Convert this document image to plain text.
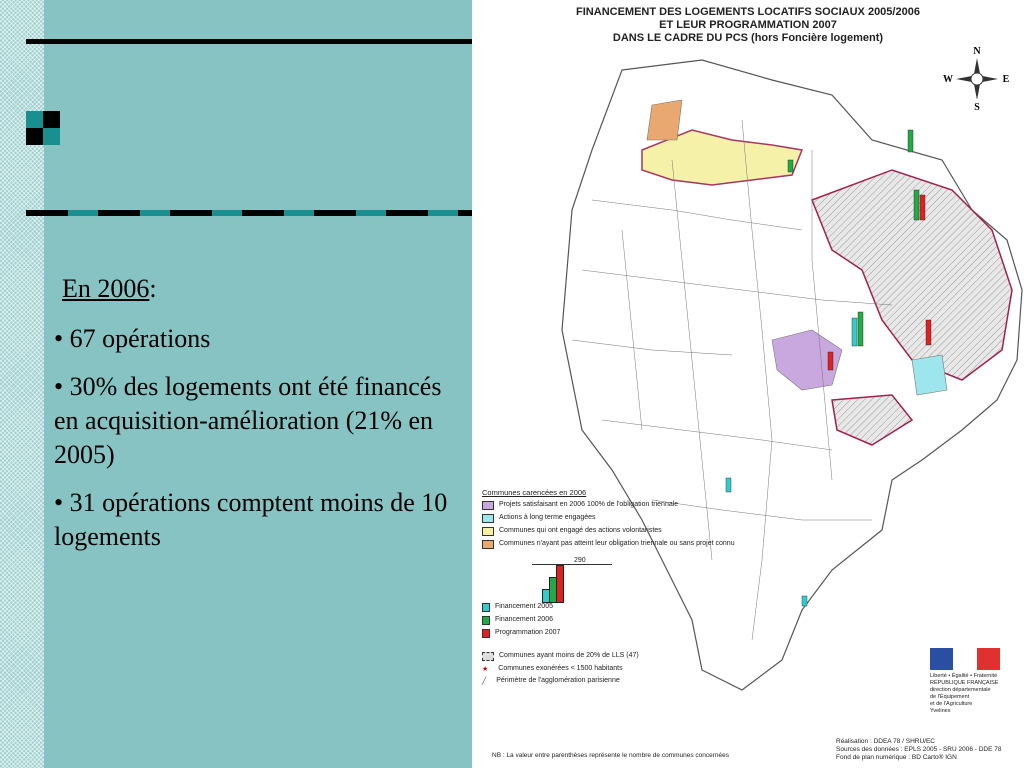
En 2006:
• 67 opérations
• 30% des logements ont été financés en acquisition-amélioration (21% en 2005)
• 31 opérations comptent moins de 10 logements
FINANCEMENT DES LOGEMENTS LOCATIFS SOCIAUX 2005/2006
ET LEUR PROGRAMMATION 2007
DANS LE CADRE DU PCS (hors Foncière logement)
N
S
E
W
Communes carencées en 2006
Projets satisfaisant en 2006 100% de l'obligation triennale
Actions à long terme engagées
Communes qui ont engagé des actions volontaristes
Communes n'ayant pas atteint leur obligation triennale ou sans projet connu
290
Financement 2005
Financement 2006
Programmation 2007
Communes ayant moins de 20% de LLS (47)
★ Communes exonérées < 1500 habitants
╱ Périmètre de l'agglomération parisienne
Liberté • Égalité • Fraternité
RÉPUBLIQUE FRANÇAISE
direction départementale
de l'Équipement
et de l'Agriculture
Yvelines
Réalisation : DDEA 78 / SHRU/EC
Sources des données : EPLS 2005 - SRU 2006 - DDE 78
Fond de plan numérique : BD Carto® IGN
NB : La valeur entre parenthèses représente le nombre de communes concernées
